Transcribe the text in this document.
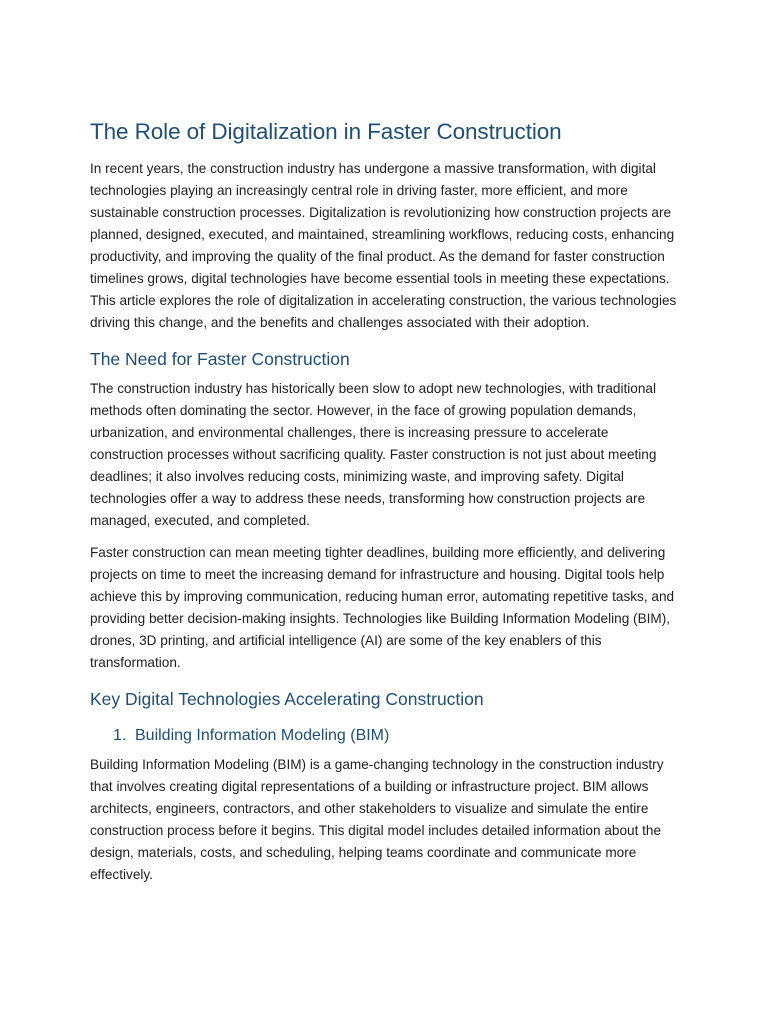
The Role of Digitalization in Faster Construction

In recent years, the construction industry has undergone a massive transformation, with digital technologies playing an increasingly central role in driving faster, more efficient, and more sustainable construction processes. Digitalization is revolutionizing how construction projects are planned, designed, executed, and maintained, streamlining workflows, reducing costs, enhancing productivity, and improving the quality of the final product. As the demand for faster construction timelines grows, digital technologies have become essential tools in meeting these expectations. This article explores the role of digitalization in accelerating construction, the various technologies driving this change, and the benefits and challenges associated with their adoption.

The Need for Faster Construction

The construction industry has historically been slow to adopt new technologies, with traditional methods often dominating the sector. However, in the face of growing population demands, urbanization, and environmental challenges, there is increasing pressure to accelerate construction processes without sacrificing quality. Faster construction is not just about meeting deadlines; it also involves reducing costs, minimizing waste, and improving safety. Digital technologies offer a way to address these needs, transforming how construction projects are managed, executed, and completed.

Faster construction can mean meeting tighter deadlines, building more efficiently, and delivering projects on time to meet the increasing demand for infrastructure and housing. Digital tools help achieve this by improving communication, reducing human error, automating repetitive tasks, and providing better decision-making insights. Technologies like Building Information Modeling (BIM), drones, 3D printing, and artificial intelligence (AI) are some of the key enablers of this transformation.

Key Digital Technologies Accelerating Construction
1. Building Information Modeling (BIM)

Building Information Modeling (BIM) is a game-changing technology in the construction industry that involves creating digital representations of a building or infrastructure project. BIM allows architects, engineers, contractors, and other stakeholders to visualize and simulate the entire construction process before it begins. This digital model includes detailed information about the design, materials, costs, and scheduling, helping teams coordinate and communicate more effectively.
